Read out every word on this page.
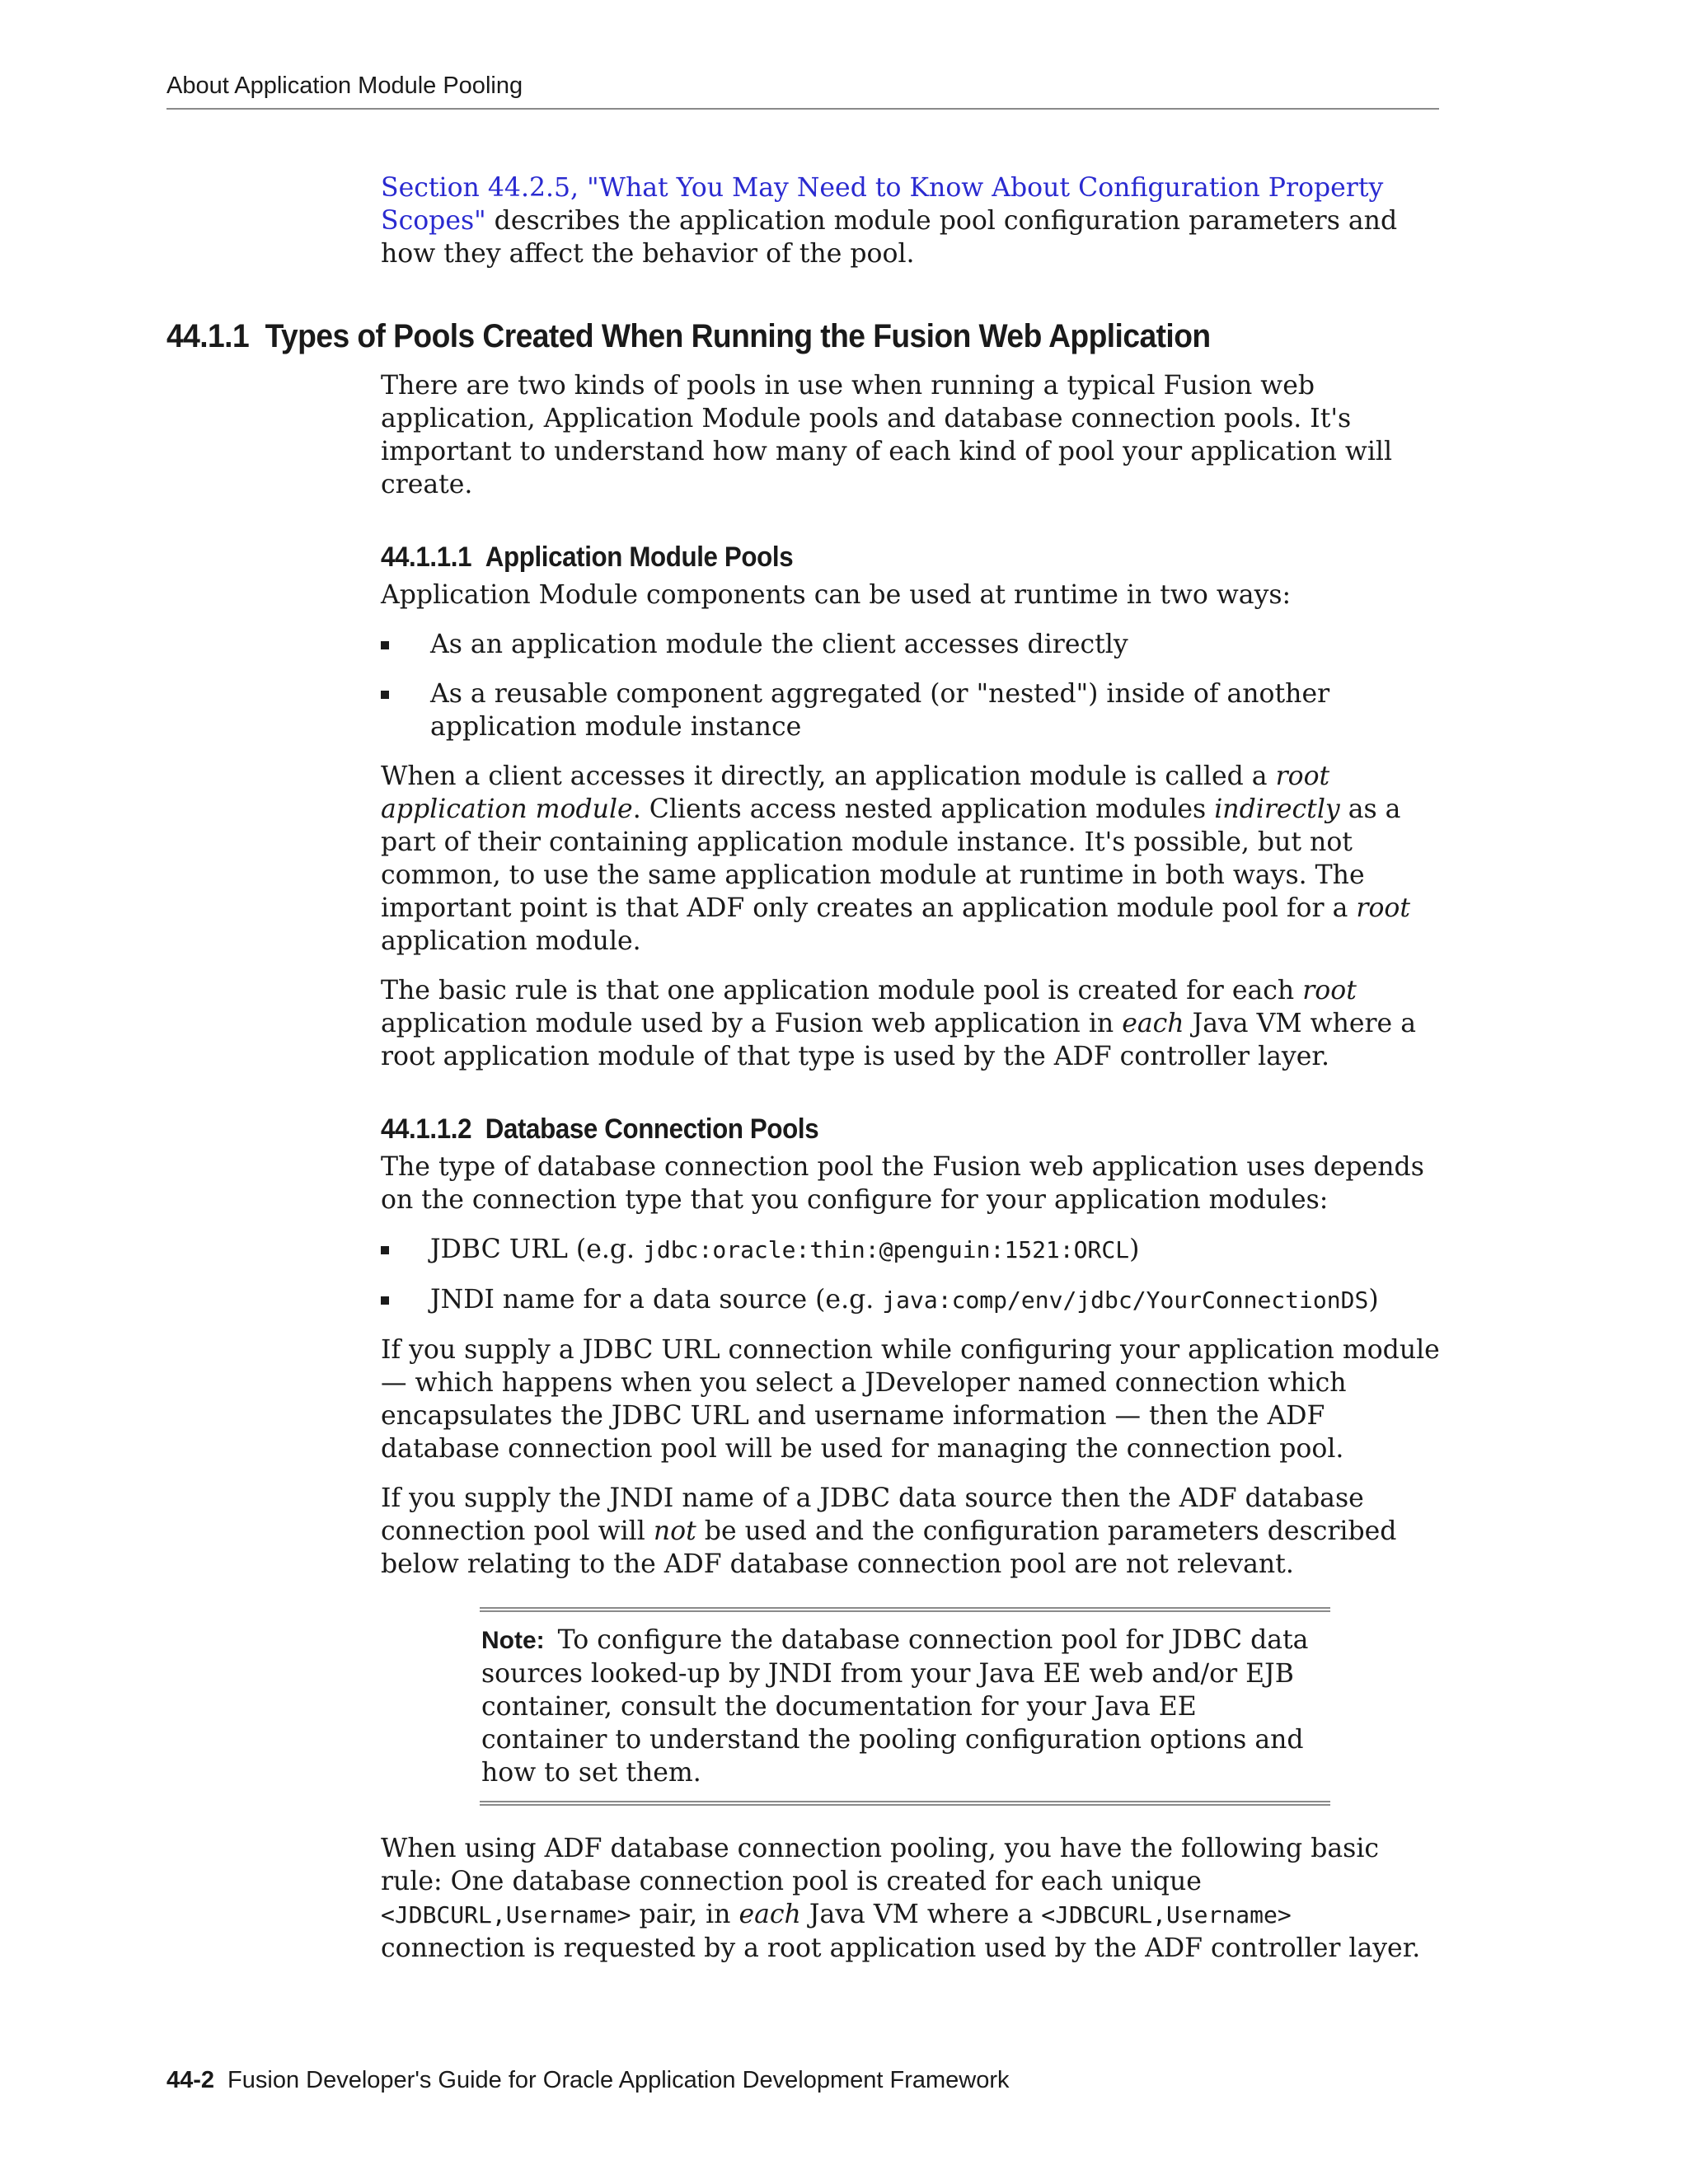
About Application Module Pooling

Section 44.2.5, "What You May Need to Know About Configuration Property Scopes" describes the application module pool configuration parameters and how they affect the behavior of the pool.

44.1.1 Types of Pools Created When Running the Fusion Web Application

There are two kinds of pools in use when running a typical Fusion web application, Application Module pools and database connection pools. It's important to understand how many of each kind of pool your application will create.

44.1.1.1 Application Module Pools

Application Module components can be used at runtime in two ways:

As an application module the client accesses directly
As a reusable component aggregated (or "nested") inside of another application module instance

When a client accesses it directly, an application module is called a root application module. Clients access nested application modules indirectly as a part of their containing application module instance. It's possible, but not common, to use the same application module at runtime in both ways. The important point is that ADF only creates an application module pool for a root application module.

The basic rule is that one application module pool is created for each root application module used by a Fusion web application in each Java VM where a root application module of that type is used by the ADF controller layer.

44.1.1.2 Database Connection Pools

The type of database connection pool the Fusion web application uses depends on the connection type that you configure for your application modules:

JDBC URL (e.g. jdbc:oracle:thin:@penguin:1521:ORCL)
JNDI name for a data source (e.g. java:comp/env/jdbc/YourConnectionDS)

If you supply a JDBC URL connection while configuring your application module — which happens when you select a JDeveloper named connection which encapsulates the JDBC URL and username information — then the ADF database connection pool will be used for managing the connection pool.

If you supply the JNDI name of a JDBC data source then the ADF database connection pool will not be used and the configuration parameters described below relating to the ADF database connection pool are not relevant.

Note: To configure the database connection pool for JDBC data sources looked-up by JNDI from your Java EE web and/or EJB container, consult the documentation for your Java EE container to understand the pooling configuration options and how to set them.

When using ADF database connection pooling, you have the following basic rule: One database connection pool is created for each unique <JDBCURL,Username> pair, in each Java VM where a <JDBCURL,Username> connection is requested by a root application used by the ADF controller layer.

44-2 Fusion Developer's Guide for Oracle Application Development Framework
